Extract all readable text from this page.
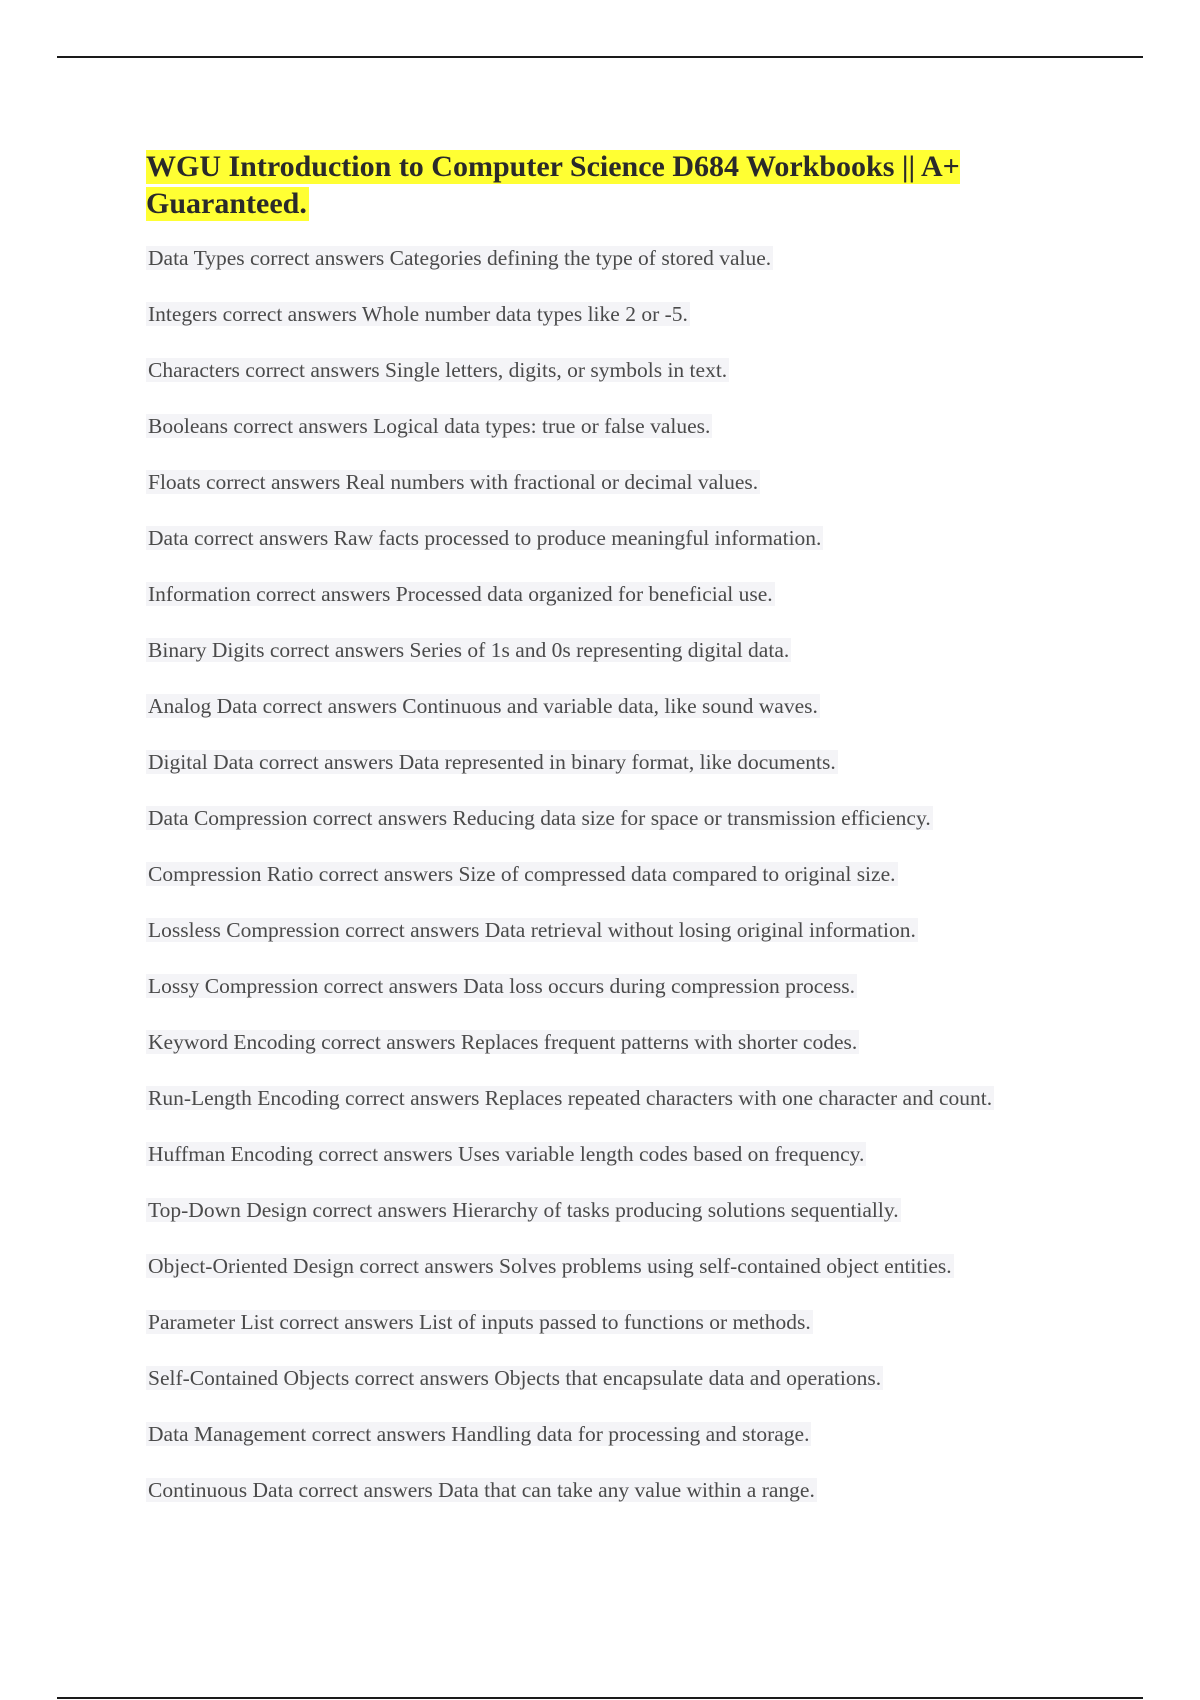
WGU Introduction to Computer Science D684 Workbooks || A+ Guaranteed.
Data Types correct answers Categories defining the type of stored value.
Integers correct answers Whole number data types like 2 or -5.
Characters correct answers Single letters, digits, or symbols in text.
Booleans correct answers Logical data types: true or false values.
Floats correct answers Real numbers with fractional or decimal values.
Data correct answers Raw facts processed to produce meaningful information.
Information correct answers Processed data organized for beneficial use.
Binary Digits correct answers Series of 1s and 0s representing digital data.
Analog Data correct answers Continuous and variable data, like sound waves.
Digital Data correct answers Data represented in binary format, like documents.
Data Compression correct answers Reducing data size for space or transmission efficiency.
Compression Ratio correct answers Size of compressed data compared to original size.
Lossless Compression correct answers Data retrieval without losing original information.
Lossy Compression correct answers Data loss occurs during compression process.
Keyword Encoding correct answers Replaces frequent patterns with shorter codes.
Run-Length Encoding correct answers Replaces repeated characters with one character and count.
Huffman Encoding correct answers Uses variable length codes based on frequency.
Top-Down Design correct answers Hierarchy of tasks producing solutions sequentially.
Object-Oriented Design correct answers Solves problems using self-contained object entities.
Parameter List correct answers List of inputs passed to functions or methods.
Self-Contained Objects correct answers Objects that encapsulate data and operations.
Data Management correct answers Handling data for processing and storage.
Continuous Data correct answers Data that can take any value within a range.
